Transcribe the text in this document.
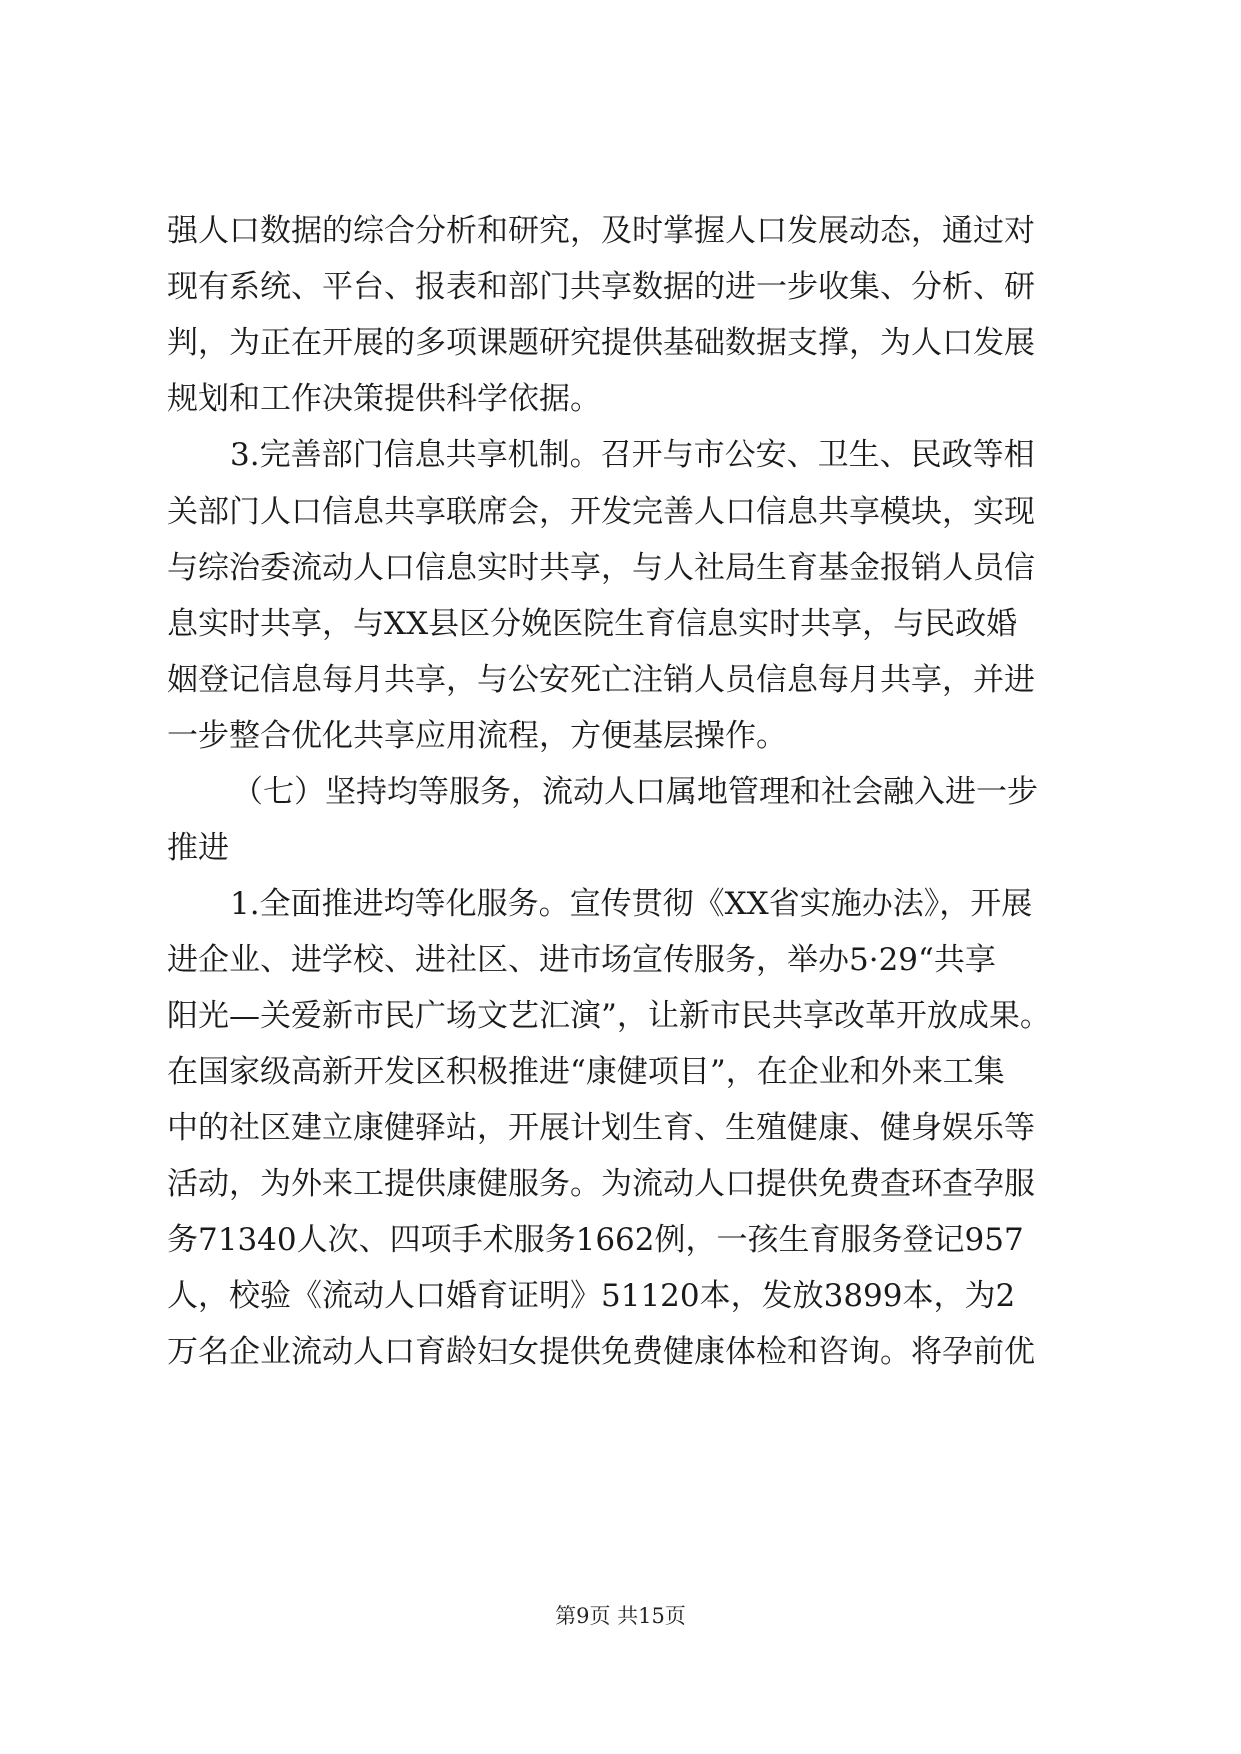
强人口数据的综合分析和研究，及时掌握人口发展动态，通过对
现有系统、平台、报表和部门共享数据的进一步收集、分析、研
判，为正在开展的多项课题研究提供基础数据支撑，为人口发展
规划和工作决策提供科学依据。
3.完善部门信息共享机制。召开与市公安、卫生、民政等相
关部门人口信息共享联席会，开发完善人口信息共享模块，实现
与综治委流动人口信息实时共享，与人社局生育基金报销人员信
息实时共享，与XX县区分娩医院生育信息实时共享，与民政婚
姻登记信息每月共享，与公安死亡注销人员信息每月共享，并进
一步整合优化共享应用流程，方便基层操作。
（七）坚持均等服务，流动人口属地管理和社会融入进一步
推进
1.全面推进均等化服务。宣传贯彻《XX省实施办法》，开展
进企业、进学校、进社区、进市场宣传服务，举办5·29“共享
阳光—关爱新市民广场文艺汇演”，让新市民共享改革开放成果。
在国家级高新开发区积极推进“康健项目”，在企业和外来工集
中的社区建立康健驿站，开展计划生育、生殖健康、健身娱乐等
活动，为外来工提供康健服务。为流动人口提供免费查环查孕服
务71340人次、四项手术服务1662例，一孩生育服务登记957
人，校验《流动人口婚育证明》51120本，发放3899本，为2
万名企业流动人口育龄妇女提供免费健康体检和咨询。将孕前优
第9页 共15页
